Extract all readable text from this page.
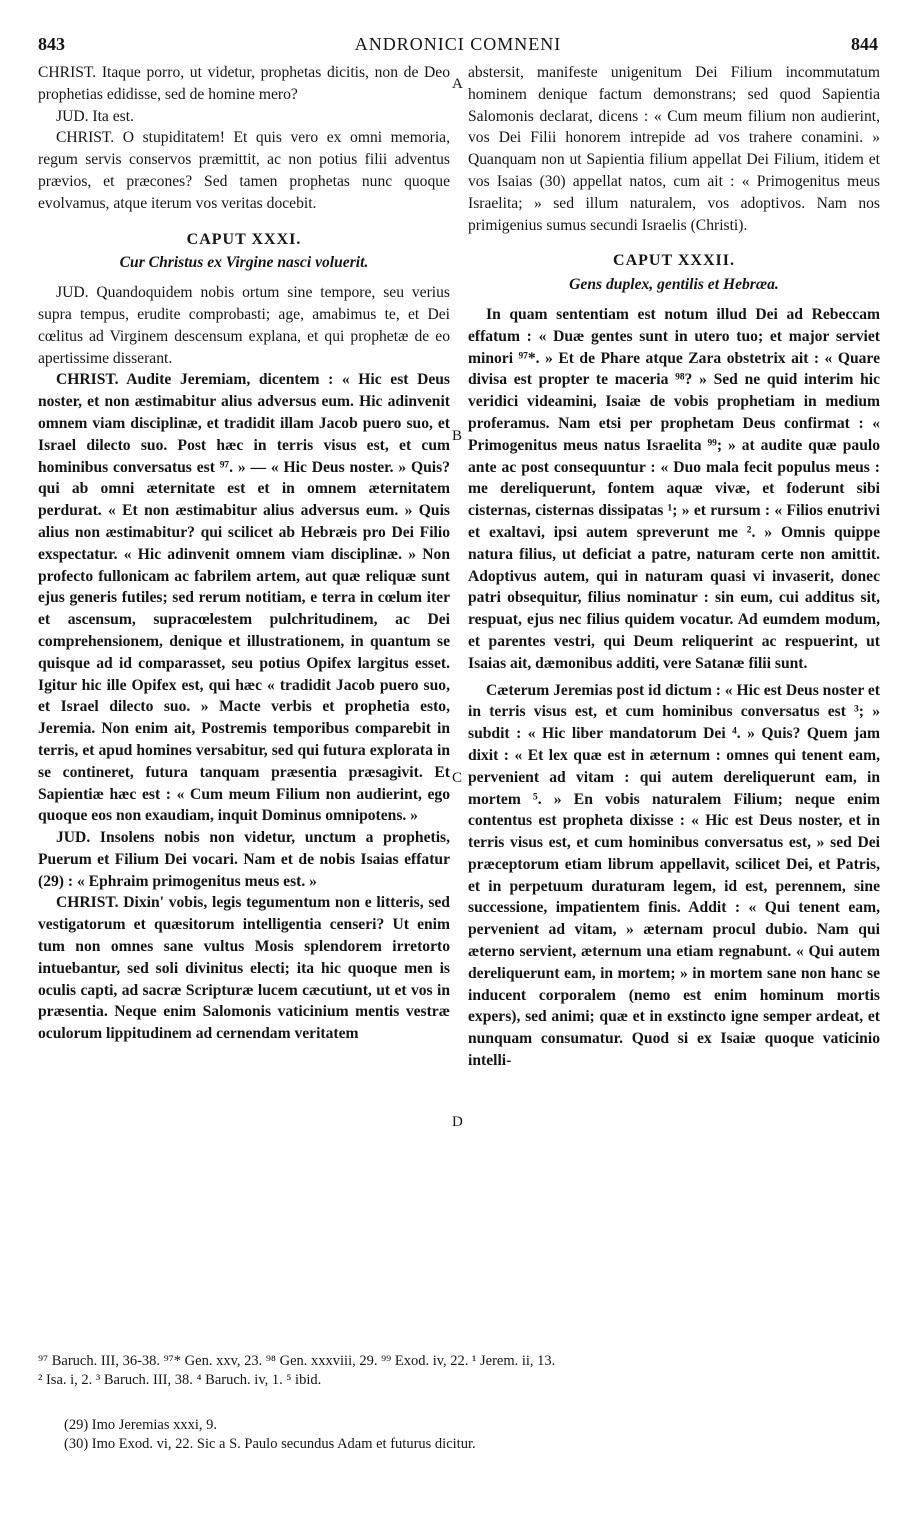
843	ANDRONICI COMNENI	844

CHRIST. Itaque porro, ut videtur, prophetas dicitis, non de Deo prophetias edidisse, sed de homine mero?

JUD. Ita est.

CHRIST. O stupiditatem! Et quis vero ex omni memoria, regum servis conservos præmittit, ac non potius filii adventus prævios, et præcones? Sed tamen prophetas nunc quoque evolvamus, atque iterum vos veritas docebit.

CAPUT XXXI.

Cur Christus ex Virgine nasci voluerit.

JUD. Quandoquidem nobis ortum sine tempore, seu verius supra tempus, erudite comprobasti; age, amabimus te, et Dei cœlitus ad Virginem descensum explana, et qui prophetæ de eo apertissime disserant.

CHRIST. Audite Jeremiam, dicentem : « Hic est Deus noster, et non æstimabitur alius adversus eum. Hic adinvenit omnem viam disciplinæ, et tradidit illam Jacob puero suo, et Israel dilecto suo. Post hæc in terris visus est, et cum hominibus conversatus est ⁹⁷. » — « Hic Deus noster. » Quis? qui ab omni æternitate est et in omnem æternitatem perdurat. « Et non æstimabitur alius adversus eum. » Quis alius non æstimabitur? qui scilicet ab Hebræis pro Dei Filio exspectatur. « Hic adinvenit omnem viam disciplinæ. » Non profecto fullonicam ac fabrilem artem, aut quæ reliquæ sunt ejus generis futiles; sed rerum notitiam, e terra in cœlum iter et ascensum, supracœlestem pulchritudinem, ac Dei comprehensionem, denique et illustrationem, in quantum se quisque ad id comparasset, seu potius Opifex largitus esset. Igitur hic ille Opifex est, qui hæc « tradidit Jacob puero suo, et Israel dilecto suo. » Macte verbis et prophetia esto, Jeremia. Non enim ait, Postremis temporibus comparebit in terris, et apud homines versabitur, sed qui futura explorata in se contineret, futura tanquam præsentia præsagivit. Et Sapientiæ hæc est : « Cum meum Filium non audierint, ego quoque eos non exaudiam, inquit Dominus omnipotens. »

JUD. Insolens nobis non videtur, unctum a prophetis, Puerum et Filium Dei vocari. Nam et de nobis Isaias effatur (29) : « Ephraim primogenitus meus est. »

CHRIST. Dixin' vobis, legis tegumentum non e litteris, sed vestigatorum et quæsitorum intelligentia censeri? Ut enim tum non omnes sane vultus Mosis splendorem irretorto intuebantur, sed soli divinitus electi; ita hic quoque men is oculis capti, ad sacræ Scripturæ lucem cæcutiunt, ut et vos in præsentia. Neque enim Salomonis vaticinium mentis vestræ oculorum lippitudinem ad cernendam veritatem

A
B
C
D

abstersit, manifeste unigenitum Dei Filium incommutatum hominem denique factum demonstrans; sed quod Sapientia Salomonis declarat, dicens : « Cum meum filium non audierint, vos Dei Filii honorem intrepide ad vos trahere conamini. » Quanquam non ut Sapientia filium appellat Dei Filium, itidem et vos Isaias (30) appellat natos, cum ait : « Primogenitus meus Israelita; » sed illum naturalem, vos adoptivos. Nam nos primigenius sumus secundi Israelis (Christi).

CAPUT XXXII.

Gens duplex, gentilis et Hebræa.

In quam sententiam est notum illud Dei ad Rebeccam effatum : « Duæ gentes sunt in utero tuo; et major serviet minori ⁹⁷*. » Et de Phare atque Zara obstetrix ait : « Quare divisa est propter te maceria ⁹⁸? » Sed ne quid interim hic veridici videamini, Isaiæ de vobis prophetiam in medium proferamus. Nam etsi per prophetam Deus confirmat : « Primogenitus meus natus Israelita ⁹⁹; » at audite quæ paulo ante ac post consequuntur : « Duo mala fecit populus meus : me dereliquerunt, fontem aquæ vivæ, et foderunt sibi cisternas, cisternas dissipatas ¹; » et rursum : « Filios enutrivi et exaltavi, ipsi autem spreverunt me ². » Omnis quippe natura filius, ut deficiat a patre, naturam certe non amittit. Adoptivus autem, qui in naturam quasi vi invaserit, donec patri obsequitur, filius nominatur : sin eum, cui additus sit, respuat, ejus nec filius quidem vocatur. Ad eumdem modum, et parentes vestri, qui Deum reliquerint ac respuerint, ut Isaias ait, dæmonibus additi, vere Satanæ filii sunt.

Cæterum Jeremias post id dictum : « Hic est Deus noster et in terris visus est, et cum hominibus conversatus est ³; » subdit : « Hic liber mandatorum Dei ⁴. » Quis? Quem jam dixit : « Et lex quæ est in æternum : omnes qui tenent eam, pervenient ad vitam : qui autem dereliquerunt eam, in mortem ⁵. » En vobis naturalem Filium; neque enim contentus est propheta dixisse : « Hic est Deus noster, et in terris visus est, et cum hominibus conversatus est, » sed Dei præceptorum etiam librum appellavit, scilicet Dei, et Patris, et in perpetuum duraturam legem, id est, perennem, sine successione, impatientem finis. Addit : « Qui tenent eam, pervenient ad vitam, » æternam procul dubio. Nam qui æterno servient, æternum una etiam regnabunt. « Qui autem dereliquerunt eam, in mortem; » in mortem sane non hanc se inducent corporalem (nemo est enim hominum mortis expers), sed animi; quæ et in exstincto igne semper ardeat, et nunquam consumatur. Quod si ex Isaiæ quoque vaticinio intelli-

⁹⁷ Baruch. III, 36-38. ⁹⁷* Gen. xxv, 23. ⁹⁸ Gen. xxxviii, 29. ⁹⁹ Exod. iv, 22. ¹ Jerem. ii, 13.
² Isa. i, 2. ³ Baruch. III, 38. ⁴ Baruch. iv, 1. ⁵ ibid.
(29) Imo Jeremias xxxi, 9.
(30) Imo Exod. vi, 22. Sic a S. Paulo secundus Adam et futurus dicitur.
